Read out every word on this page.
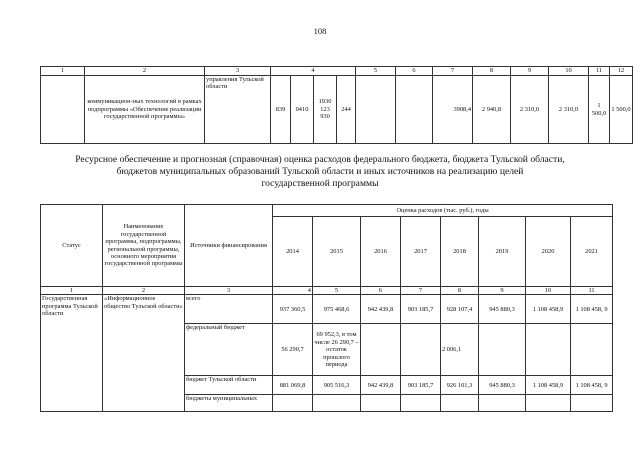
108
1	2	3	4				5	6	7	8	9	10	11	12
	коммуникацион-ных технологий в рамках подпрограммы «Обеспечение реализации государственной программы»	управления Тульской области	839	0410	1930 123 930	244			3908,4	2 940,8	2 310,0	2 310,0	1 500,0	1 500,0
Ресурсное обеспечение и прогнозная (справочная) оценка расходов федерального бюджета, бюджета Тульской области,
бюджетов муниципальных образований Тульской области и иных источников на реализацию целей
государственной программы
Статус	Наименование государственной программы, подпрограммы, региональной программы, основного мероприятия государственной программы	Источники финансирования	Оценка расходов (тыс. руб.), годы							
			2014	2015	2016	2017	2018	2019	2020	2021
1	2	3	4	5	6	7	8	9	10	11
Государственная программа Тульской области	«Информационное общество Тульской области»	всего	937 360,5	975 468,6	942 439,8	903 185,7	928 107,4	945 880,3	1 108 458,9	1 108 458, 9
		федеральный бюджет	56 290,7	69 952,3, в том числе 26 290,7 – остаток прошлого периода			2 006,1			
		бюджет Тульской области	881 069,8	905 516,3	942 439,8	903 185,7	926 101,3	945 880,3	1 108 458,9	1 108 458, 9
		бюджеты муниципальных								
